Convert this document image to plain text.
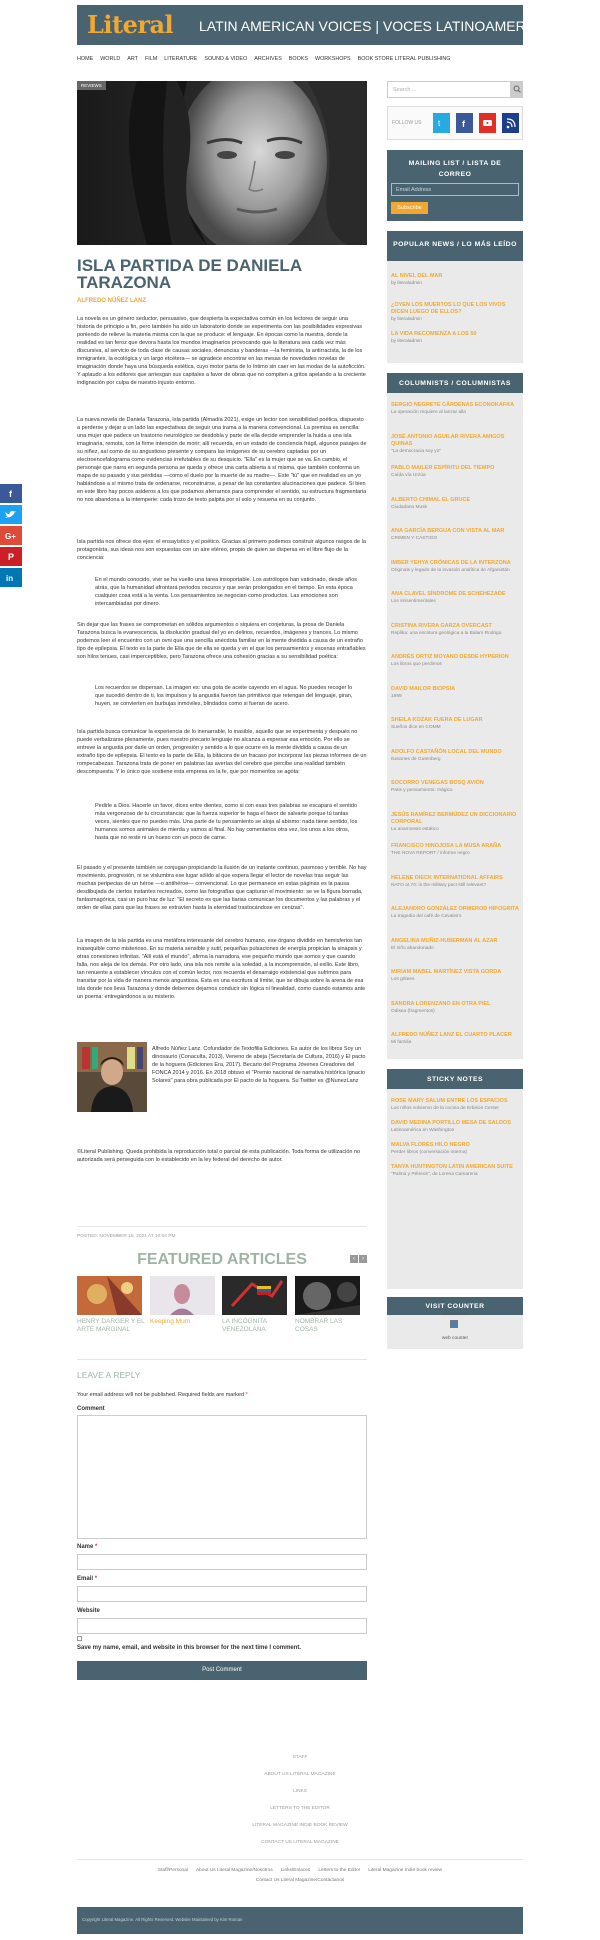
f
G+
P
in
Literal LATIN AMERICAN VOICES | VOCES LATINOAMERICANAS
HOME WORLD ART FILM LITERATURE SOUND & VIDEO ARCHIVES BOOKS WORKSHOPS BOOK STORE LITERAL PUBLISHING
REVIEWS
ISLA PARTIDA DE DANIELA TARAZONA
ALFREDO NÚÑEZ LANZ

La novela es un género seductor, persuasivo, que despierta la expectativa común en los lectores de seguir una historia de principio a fin, pero también ha sido un laboratorio donde se experimenta con las posibilidades expresivas poniendo de relieve la materia misma con la que se produce: el lenguaje. En épocas como la nuestra, donde la realidad es tan feroz que devora hasta los mundos imaginarios provocando que la literatura sea cada vez más discursiva, al servicio de toda clase de causas sociales, denuncias y banderas —la feminista, la antirracista, la de los inmigrantes, la ecológica y un largo etcétera— se agradece encontrar en las mesas de novedades novelas de imaginación donde haya una búsqueda estética, cuyo motor parta de lo íntimo sin caer en las modas de la autoficción. Y aplaudo a los editores que arriesgan sus capitales a favor de obras que no compiten a gritos apelando a la creciente indignación por culpa de nuestro injusto entorno.

La nueva novela de Daniela Tarazona, Isla partida (Almadía 2021), exige un lector con sensibilidad poética, dispuesto a perderse y dejar a un lado las expectativas de seguir una trama a la manera convencional. La premisa es sencilla: una mujer que padece un trastorno neurológico se desdobla y parte de ella decide emprender la huida a una isla imaginaria, remota, con la firme intención de morir; allí recuerda, en un estado de conciencia frágil, algunos pasajes de su niñez, así como de su angustioso presente y compara las imágenes de su cerebro captadas por un electroencefalograma como evidencias irrefutables de su desquicio. "Ella" es la mujer que se va. En cambio, el personaje que narra en segunda persona se queda y ofrece una carta abierta a sí misma, que también conforma un mapa de su pasado y sus pérdidas —como el duelo por la muerte de su madre—. Este "tú" que en realidad es un yo hablándose a sí mismo trata de ordenarse, reconstruirse, a pesar de las constantes alucinaciones que padece. Si bien en este libro hay pocos asideros a los que podamos aferrarnos para comprender el sentido, su estructura fragmentaria no nos abandona a la intemperie: cada trozo de texto palpita por sí solo y resuena en su conjunto.

Isla partida nos ofrece dos ejes: el ensayístico y el poético. Gracias al primero podemos construir algunos rasgos de la protagonista, sus ideas nos son expuestas con un aire etéreo, propio de quien se dispersa en el libre flujo de la conciencia:

En el mundo conocido, vivir se ha vuelto una tarea insoportable. Los astrólogos han vaticinado, desde años atrás, que la humanidad afrontará periodos oscuros y que serán prolongados en el tiempo. En esta época cualquier cosa está a la venta. Los pensamientos se negocian como productos. Las emociones son intercambiadas por dinero.

Sin dejar que las frases se comprometan en sólidos argumentos o siquiera en conjeturas, la prosa de Daniela Tarazona busca la evanescencia, la disolución gradual del yo en delirios, recuerdos, imágenes y trances. Lo mismo podemos leer el encuentro con un ovni que una sencilla anécdota familiar en la mente dividida a causa de un extraño tipo de epilepsia. El texto es la parte de Ella que de ella se queda y en el que los pensamientos y escenas entrañables son hilos tenues, casi imperceptibles, pero Tarazona ofrece una cohesión gracias a su sensibilidad poética:

Los recuerdos se dispersan. La imagen es: una gota de aceite cayendo en el agua. No puedes recoger lo que sucedió dentro de ti, los impulsos y la angustia fueron tan primitivos que retengan del lenguaje, giran, huyen, se convierten en burbujas inmóviles, blindados como si fueran de acero.

Isla partida busca comunicar la experiencia de lo inenarrable, lo inasible, aquello que se experimenta y después no puede verbalizarse plenamente, pues nuestro precario lenguaje no alcanza a expresar esa emoción. Por ello se entreve la angustia por darle un orden, progresión y sentido a lo que ocurre en la mente dividida a causa de un extraño tipo de epilepsia. El texto es la parte de Ella, la bitácora de un fracaso por incorporar las piezas informes de un rompecabezas. Tarazona trata de poner en palabras las averías del cerebro que percibe una realidad también descompuesta. Y lo único que sostiene esta empresa es la fe, que por momentos se agota:

Pedirle a Dios. Hacerle un favor, dices entre dientes, como si con esas tres palabras se escapara el sentido más vergonzoso de tu circunstancia: que la fuerza superior te haga el favor de salvarte porque tú tantas veces, sientes que no puedes más. Una parte de tu pensamiento se aloja al abismo: nada tiene sentido, los humanos somos animales de mierda y vamos al final. No hay comentarios otra vez, los unos a los otros, hasta que no reste ni un hueso con un poco de carne.

El pasado y el presente también se conjugan propiciando la ilusión de un instante continuo, pasmoso y terrible. No hay movimiento, progresión, ni se vislumbra ese lugar sólido al que espera llegar el lector de novelas tras seguir las muchas peripecias de un héroe —o antihéroe— convencional. Lo que permanece en estas páginas es la pausa desdibujada de ciertos instantes recreados, como las fotografías que capturan el movimiento: se ve la figura borrada, fantasmagórica, casi un puro haz de luz: "El secreto es que las tiarias comunican los documentos y las palabras y el orden de ellas para que las frases se extravíen hasta la eternidad trastocándose en cenizas".

La imagen de la isla partida es una metáfora interesante del cerebro humano, ese órgano dividido en hemisferios tan inasequible como misterioso. En su materia sensible y sutil, pequeñas pulsaciones de energía propician la sinapsis y otras conexiones infinitas. "Allí está el mundo", afirma la narradora, ese pequeño mundo que somos y que cuando falla, nos aleja de los demás. Por otro lado, una isla nos remite a la soledad, a la incomprensión, al exilio. Este libro, tan renuente a establecer vínculos con el común lector, nos recuerda el desarraigo existencial que sufrimos para transitar por la vida de manera menos angustiosa. Esta es una escritura al límite, que se dibuja sobre la arena de esa isla donde nos lleva Tarazona y donde debemos dejarnos conducir sin lógica ni linealidad, como cuando estamos ante un poema: entregándonos a su misterio.

Alfredo Núñez Lanz. Cofundador de Textofilia Ediciones. Es autor de los libros Soy un dinosaurio (Conaculta, 2013), Veneno de abeja (Secretaría de Cultura, 2016) y El pacto de la hoguera (Ediciones Era, 2017). Becario del Programa Jóvenes Creadores del FONCA 2014 y 2016. En 2018 obtuvo el "Premio nacional de narrativa histórica Ignacio Solares" para obra publicada por El pacto de la hoguera. Su Twitter es @NunezLanz

©Literal Publishing. Queda prohibida la reproducción total o parcial de esta publicación. Toda forma de utilización no autorizada será perseguida con lo establecido en la ley federal del derecho de autor.

POSTED: NOVEMBER 15, 2021 AT 10:04 PM
FEATURED ARTICLES	‹	›
HENRY DARGER Y EL ARTE MARGINAL
Keeping Mum	LA INCÓGNITA VENEZOLANA
NOMBRAR LAS COSAS
LEAVE A REPLY
Your email address will not be published. Required fields are marked *
Comment
Name *
Email *
Website
Save my name, email, and website in this browser for the next time I comment.
Post Comment
Search ...
FOLLOW US t f
MAILING LIST / LISTA DE CORREO
Email Address
Subscribe
POPULAR NEWS / LO MÁS LEÍDO
COLUMNISTS / COLUMNISTAS
STICKY NOTES
VISIT COUNTER
web counter
web counter
AL NIVEL DEL MAR
by literaladmin
¿OYEN LOS MUERTOS LO QUE LOS VIVOS DICEN LUEGO DE ELLOS?
by literaladmin
LA VIDA RECOMIENZA A LOS 50
by literaladmin
SERGIO NEGRETE CÁRDENAS ECONOKAFKA
La operación requiere al lanzar alla
JOSÉ ANTONIO AGUILAR RIVERA AMIGOS QUINAS
"La democracia soy yo"
PABLO MAILER ESPÍRITU DEL TIEMPO
Caída vía Urzúa
ALBERTO CHIMAL EL GRUCE
Ciudadano Musk
ANA GARCÍA BERGUA CON VISTA AL MAR
CRIMEN Y CASTIGO
IMBER YEHYA CRÓNICAS DE LA INTERZONA
Originals y legado de la invasión analítica de Afganistán
ANA CLAVEL SÍNDROME DE SCHEHEZADE
Los sinsentimentales
CRISTINA RIVERA GARZA OVERCAST
Replika: una escritura geológica a la Balam Rodrigo
ANDRÉS ORTIZ MOYANO DESDE HYPERION
Los libros que perdimos
DAVID MAILOR BIOPSIA
1989
SHEILA KOZAK FUERA DE LUGAR
Sueños dice en COMM
ADOLFO CASTAÑÓN LOCAL DEL MUNDO
Ilusiones de Gutenberg
SOCORRO VENEGAS BOSQ AVIÓN
Paris y pensamiento: mágico
JESÚS RAMÍREZ BERMÚDEZ UN DICCIONARIO CORPORAL
La anamnesis estático
FRANCISCO HINOJOSA LA MUSA ARAÑA
THE NOVA REPORT / informe negro
HELENE DIECK INTERNATIONAL AFFAIRS
NATO at 70: is the military pact still relevant?
ALEJANDRO GONZÁLEZ ORMEROD HIPOGRITA
La tragedia del café de Cavaleiro
ANGELINA MUÑIZ-HUBERMAN AL AZAR
El niño abandonado
MIRIAM MABEL MARTÍNEZ VISTA GORDA
Los gritees
SANDRA LORENZANO EN OTRA PIEL
Odisea (fragmentos)
ALFREDO NÚÑEZ LANZ EL CUARTO PLACER
Mi familia
ROSE MARY SALUM ENTRE LOS ESPACIOS
Los niños volvieron de la cocina de Erbison Center
DAVID MEDINA PORTILLO MESA DE SALDOS
Latinoamérica en Washington
MALVA FLORES HILO NEGRO
Perder libros (conversación interna)
TANYA HUNTINGTON LATIN AMERICAN SUITE
"Palma y Pétreos", de Lorena Camarena
STAFF
ABOUT US LITERAL MAGAZINE
LINKS
LETTERS TO THE EDITOR
LITERAL MAGAZINE INDIE BOOK REVIEW
CONTACT US LITERAL MAGAZINE
Staff/Personal About Us Literal Magazine/Nosotros Links/Enlaces Letters to the Editor Literal Magazine Indie book review
Contact Us Literal Magazine/Contáctanos
Copyright Literal Magazine. All Rights Reserved. Website Maintained by Kim Roman
